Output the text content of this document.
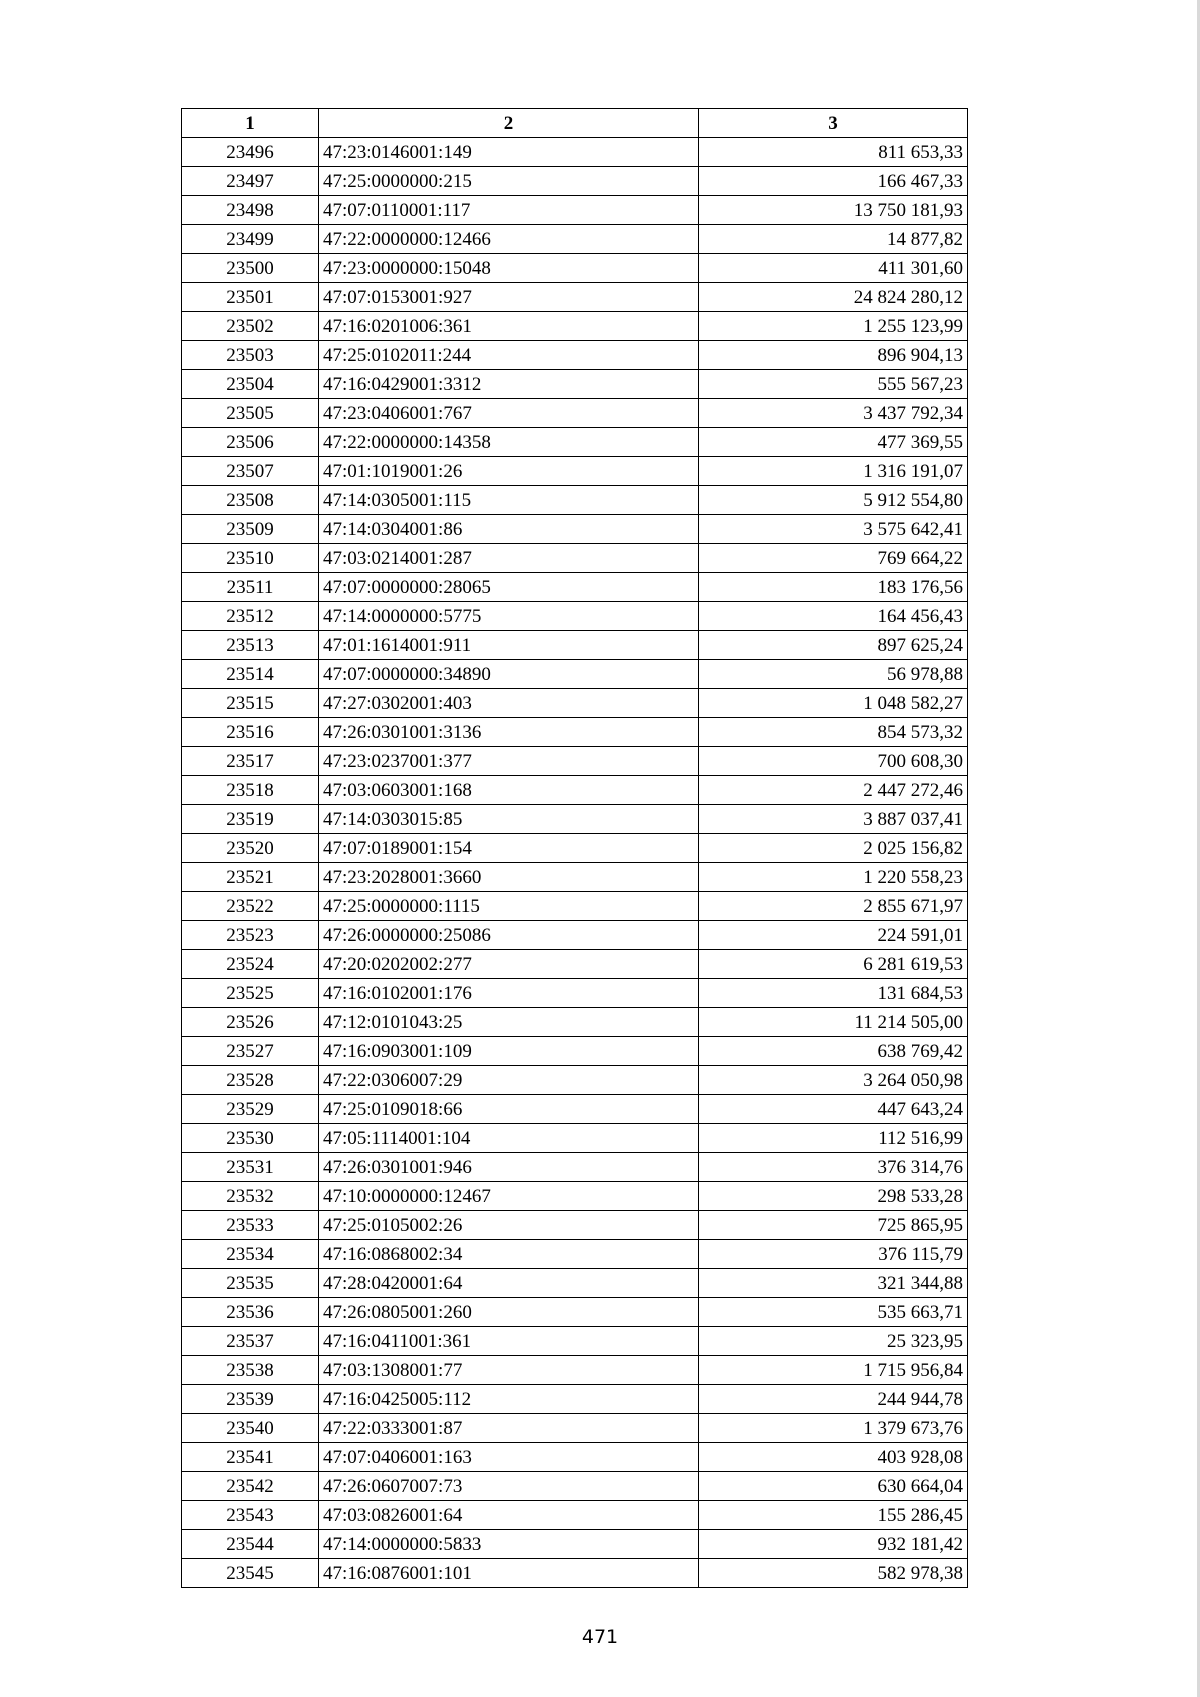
1	2	3
23496	47:23:0146001:149	811 653,33
23497	47:25:0000000:215	166 467,33
23498	47:07:0110001:117	13 750 181,93
23499	47:22:0000000:12466	14 877,82
23500	47:23:0000000:15048	411 301,60
23501	47:07:0153001:927	24 824 280,12
23502	47:16:0201006:361	1 255 123,99
23503	47:25:0102011:244	896 904,13
23504	47:16:0429001:3312	555 567,23
23505	47:23:0406001:767	3 437 792,34
23506	47:22:0000000:14358	477 369,55
23507	47:01:1019001:26	1 316 191,07
23508	47:14:0305001:115	5 912 554,80
23509	47:14:0304001:86	3 575 642,41
23510	47:03:0214001:287	769 664,22
23511	47:07:0000000:28065	183 176,56
23512	47:14:0000000:5775	164 456,43
23513	47:01:1614001:911	897 625,24
23514	47:07:0000000:34890	56 978,88
23515	47:27:0302001:403	1 048 582,27
23516	47:26:0301001:3136	854 573,32
23517	47:23:0237001:377	700 608,30
23518	47:03:0603001:168	2 447 272,46
23519	47:14:0303015:85	3 887 037,41
23520	47:07:0189001:154	2 025 156,82
23521	47:23:2028001:3660	1 220 558,23
23522	47:25:0000000:1115	2 855 671,97
23523	47:26:0000000:25086	224 591,01
23524	47:20:0202002:277	6 281 619,53
23525	47:16:0102001:176	131 684,53
23526	47:12:0101043:25	11 214 505,00
23527	47:16:0903001:109	638 769,42
23528	47:22:0306007:29	3 264 050,98
23529	47:25:0109018:66	447 643,24
23530	47:05:1114001:104	112 516,99
23531	47:26:0301001:946	376 314,76
23532	47:10:0000000:12467	298 533,28
23533	47:25:0105002:26	725 865,95
23534	47:16:0868002:34	376 115,79
23535	47:28:0420001:64	321 344,88
23536	47:26:0805001:260	535 663,71
23537	47:16:0411001:361	25 323,95
23538	47:03:1308001:77	1 715 956,84
23539	47:16:0425005:112	244 944,78
23540	47:22:0333001:87	1 379 673,76
23541	47:07:0406001:163	403 928,08
23542	47:26:0607007:73	630 664,04
23543	47:03:0826001:64	155 286,45
23544	47:14:0000000:5833	932 181,42
23545	47:16:0876001:101	582 978,38
471
